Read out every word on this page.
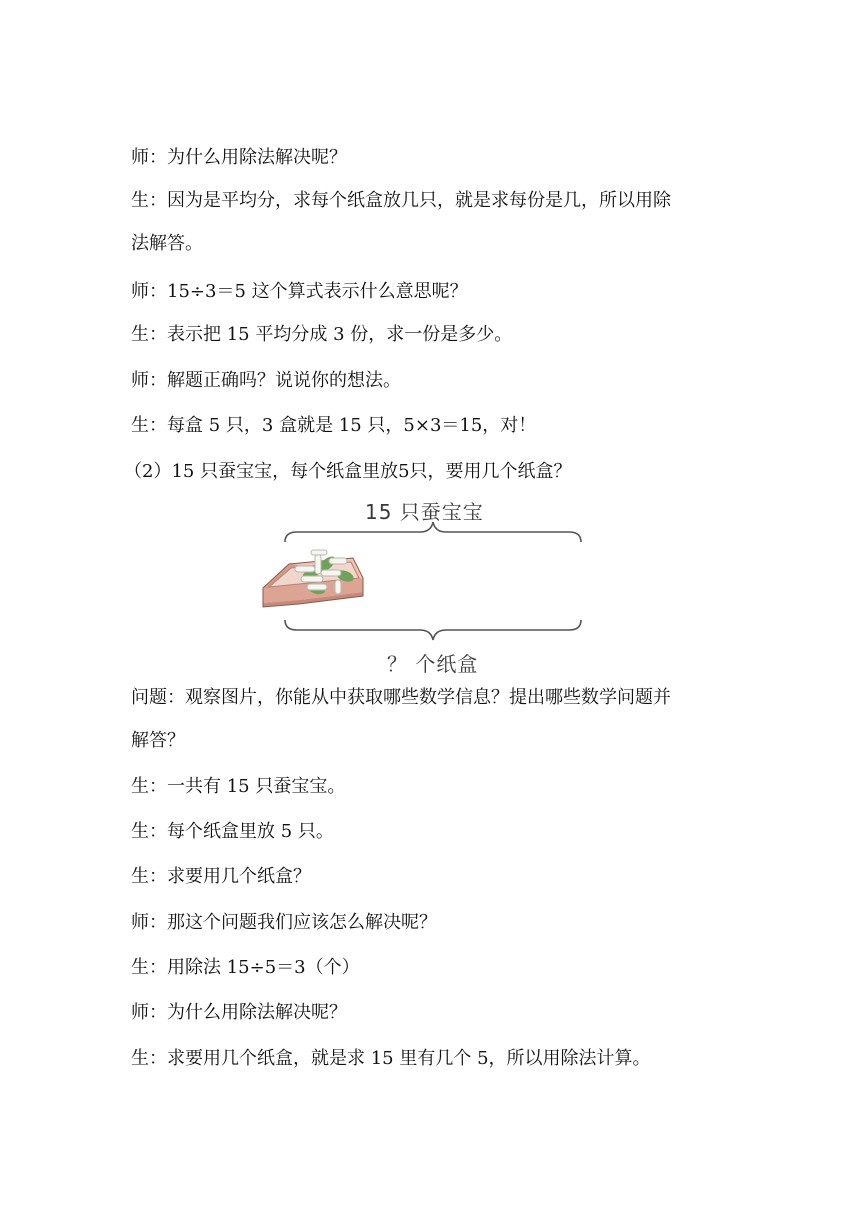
师：为什么用除法解决呢？
生：因为是平均分，求每个纸盒放几只，就是求每份是几，所以用除
法解答。
师：15÷3＝5 这个算式表示什么意思呢？
生：表示把 15 平均分成 3 份，求一份是多少。
师：解题正确吗？说说你的想法。
生：每盒 5 只，3 盒就是 15 只，5×3＝15，对！
（2）15 只蚕宝宝，每个纸盒里放5只，要用几个纸盒？
15 只蚕宝宝
？ 个纸盒
问题：观察图片，你能从中获取哪些数学信息？提出哪些数学问题并
解答？
生：一共有 15 只蚕宝宝。
生：每个纸盒里放 5 只。
生：求要用几个纸盒？
师：那这个问题我们应该怎么解决呢？
生：用除法 15÷5＝3（个）
师：为什么用除法解决呢？
生：求要用几个纸盒，就是求 15 里有几个 5，所以用除法计算。
